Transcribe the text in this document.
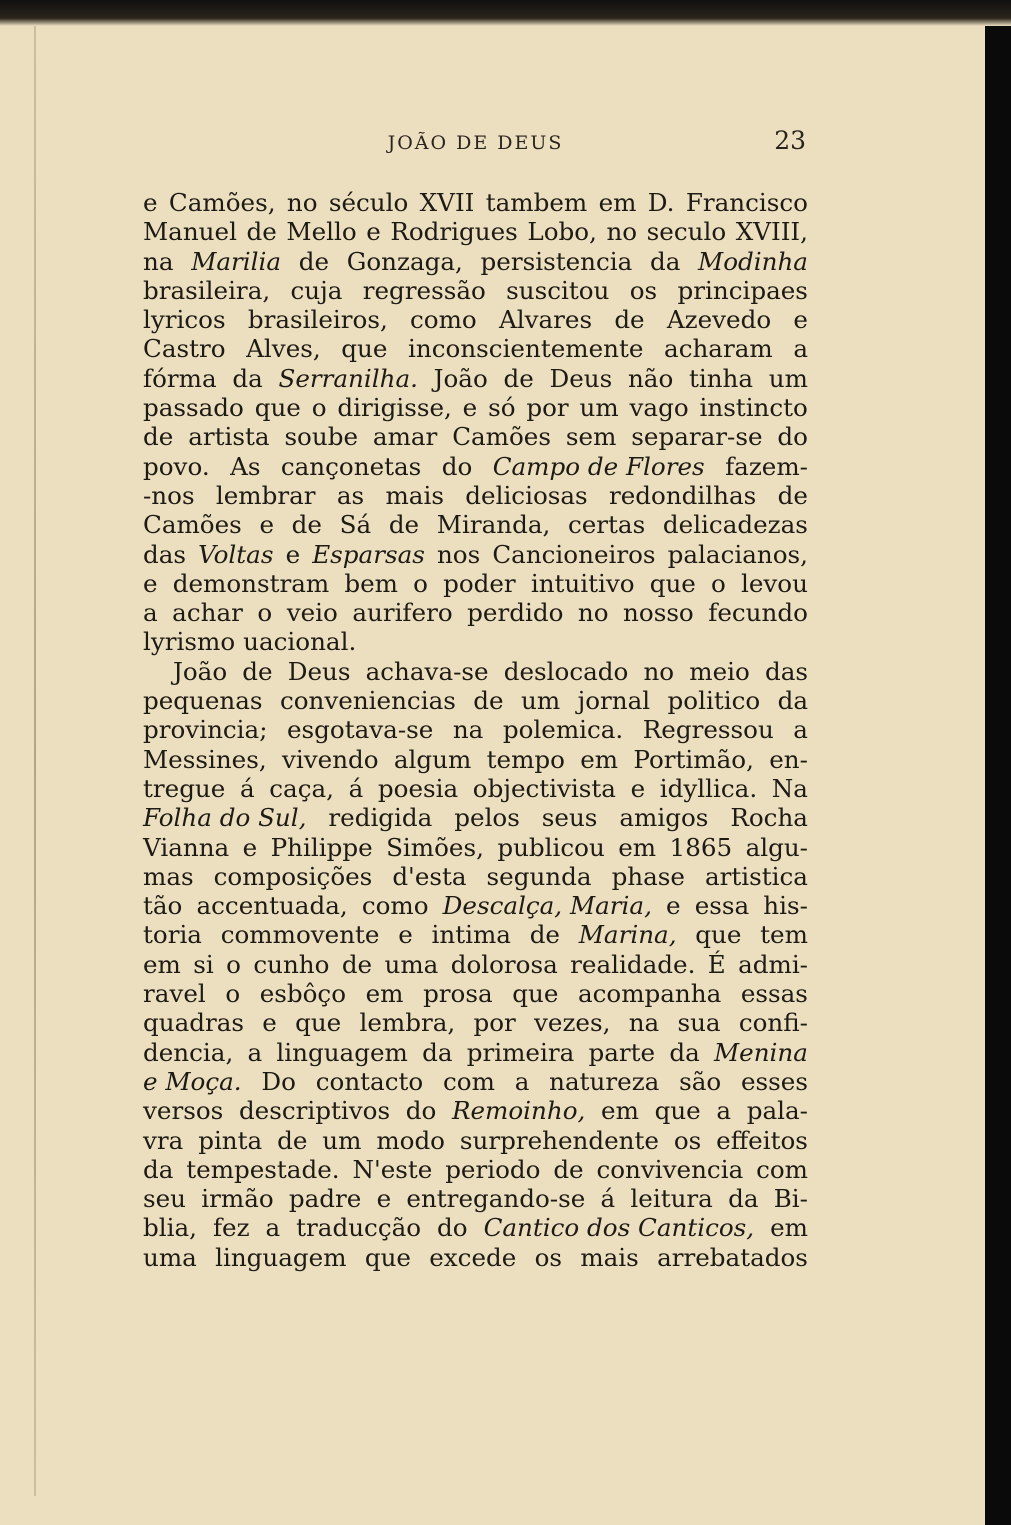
JOÃO DE DEUS	23
e Camões, no século XVII tambem em D. Francisco
Manuel de Mello e Rodrigues Lobo, no seculo XVIII,
na Marilia de Gonzaga, persistencia da Modinha
brasileira, cuja regressão suscitou os principaes
lyricos brasileiros, como Alvares de Azevedo e
Castro Alves, que inconscientemente acharam a
fórma da Serranilha. João de Deus não tinha um
passado que o dirigisse, e só por um vago instincto
de artista soube amar Camões sem separar-se do
povo. As cançonetas do Campo de Flores fazem-
-nos lembrar as mais deliciosas redondilhas de
Camões e de Sá de Miranda, certas delicadezas
das Voltas e Esparsas nos Cancioneiros palacianos,
e demonstram bem o poder intuitivo que o levou
a achar o veio aurifero perdido no nosso fecundo
lyrismo uacional.
João de Deus achava-se deslocado no meio das
pequenas conveniencias de um jornal politico da
provincia; esgotava-se na polemica. Regressou a
Messines, vivendo algum tempo em Portimão, en-
tregue á caça, á poesia objectivista e idyllica. Na
Folha do Sul, redigida pelos seus amigos Rocha
Vianna e Philippe Simões, publicou em 1865 algu-
mas composições d'esta segunda phase artistica
tão accentuada, como Descalça, Maria, e essa his-
toria commovente e intima de Marina, que tem
em si o cunho de uma dolorosa realidade. É admi-
ravel o esbôço em prosa que acompanha essas
quadras e que lembra, por vezes, na sua confi-
dencia, a linguagem da primeira parte da Menina
e Moça. Do contacto com a natureza são esses
versos descriptivos do Remoinho, em que a pala-
vra pinta de um modo surprehendente os effeitos
da tempestade. N'este periodo de convivencia com
seu irmão padre e entregando-se á leitura da Bi-
blia, fez a traducção do Cantico dos Canticos, em
uma linguagem que excede os mais arrebatados
